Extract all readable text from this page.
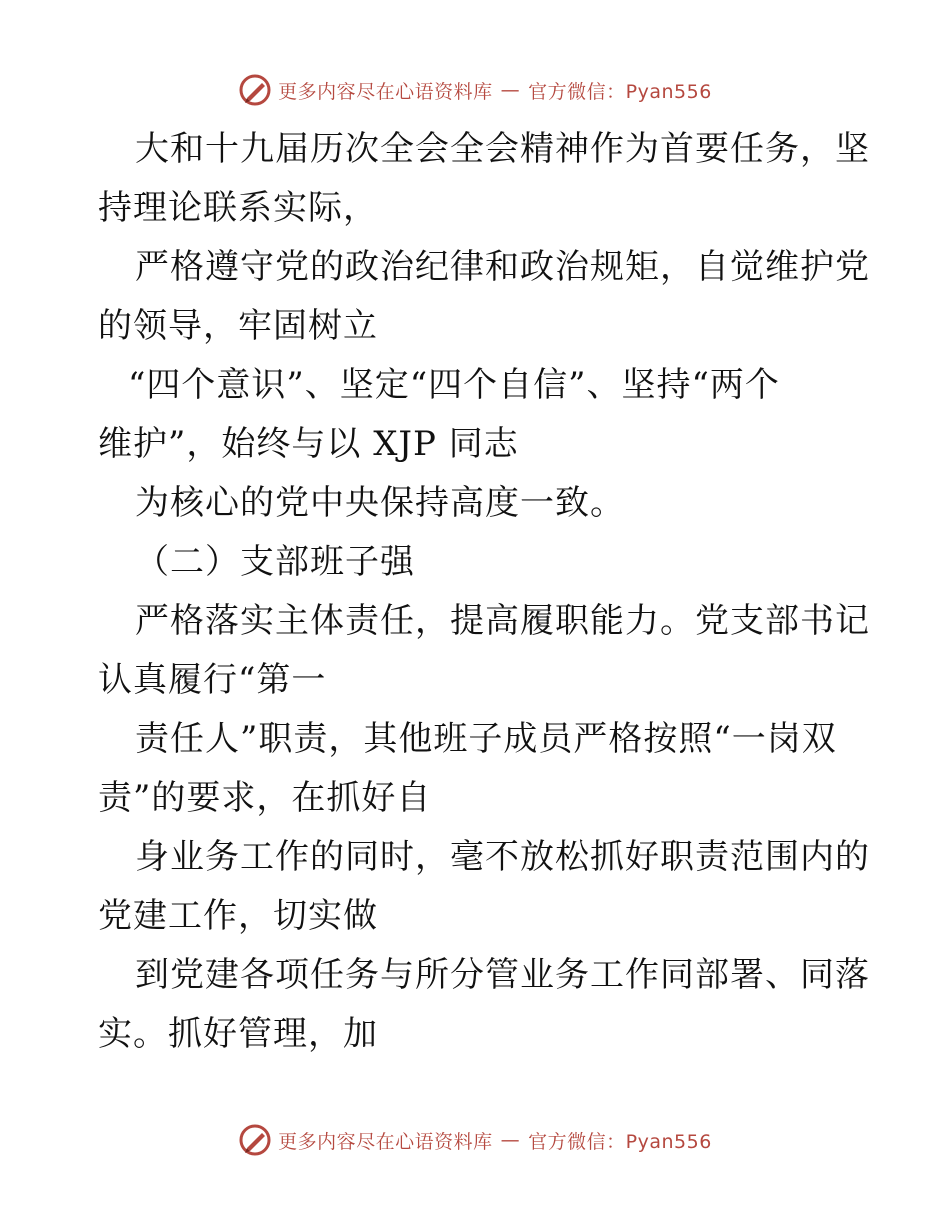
更多内容尽在心语资料库 — 官方微信：Pyan556
大和十九届历次全会全会精神作为首要任务，坚
持理论联系实际，
严格遵守党的政治纪律和政治规矩，自觉维护党
的领导，牢固树立
“四个意识”、坚定“四个自信”、坚持“两个
维护”，始终与以 XJP 同志
为核心的党中央保持高度一致。
（二）支部班子强
严格落实主体责任，提高履职能力。党支部书记
认真履行“第一
责任人”职责，其他班子成员严格按照“一岗双
责”的要求，在抓好自
身业务工作的同时，毫不放松抓好职责范围内的
党建工作，切实做
到党建各项任务与所分管业务工作同部署、同落
实。抓好管理，加
更多内容尽在心语资料库 — 官方微信：Pyan556
